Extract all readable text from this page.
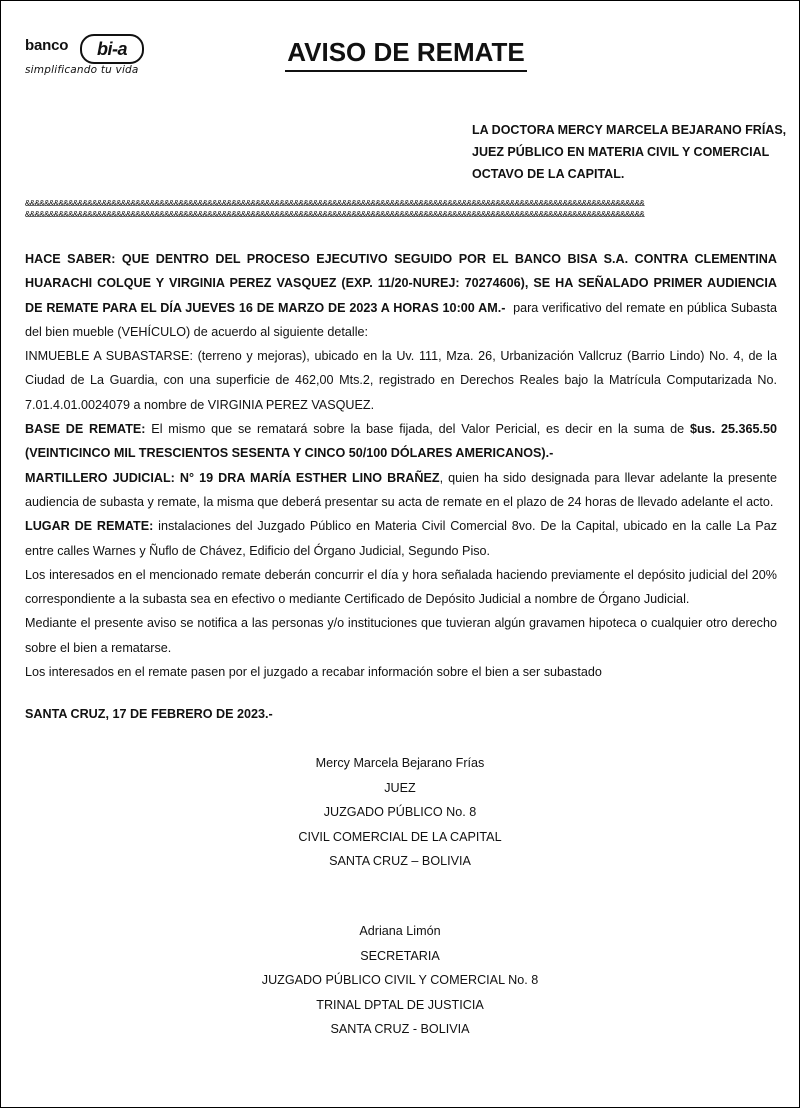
banco	bi‑a
simplificando tu vida
AVISO DE REMATE
LA DOCTORA MERCY MARCELA BEJARANO FRÍAS,
JUEZ PÚBLICO EN MATERIA CIVIL Y COMERCIAL
OCTAVO DE LA CAPITAL.
&&&&&&&&&&&&&&&&&&&&&&&&&&&&&&&&&&&&&&&&&&&&&&&&&&&&&&&&&&&&&&&&&&&&&&&&&&&&&&&&&&&&&&&&&&&&&&&&&&&&&&&&&&&&&&&&&&&&&&&&&&&&&&&&&
&&&&&&&&&&&&&&&&&&&&&&&&&&&&&&&&&&&&&&&&&&&&&&&&&&&&&&&&&&&&&&&&&&&&&&&&&&&&&&&&&&&&&&&&&&&&&&&&&&&&&&&&&&&&&&&&&&&&&&&&&&&&&&&&&

HACE SABER: QUE DENTRO DEL PROCESO EJECUTIVO SEGUIDO POR EL BANCO BISA S.A. CONTRA CLEMENTINA HUARACHI COLQUE Y VIRGINIA PEREZ VASQUEZ (EXP. 11/20-NUREJ: 70274606), SE HA SEÑALADO PRIMER AUDIENCIA DE REMATE PARA EL DÍA JUEVES 16 DE MARZO DE 2023 A HORAS 10:00 AM.- para verificativo del remate en pública Subasta del bien mueble (VEHÍCULO) de acuerdo al siguiente detalle:

INMUEBLE A SUBASTARSE: (terreno y mejoras), ubicado en la Uv. 111, Mza. 26, Urbanización Vallcruz (Barrio Lindo) No. 4, de la Ciudad de La Guardia, con una superficie de 462,00 Mts.2, registrado en Derechos Reales bajo la Matrícula Computarizada No. 7.01.4.01.0024079 a nombre de VIRGINIA PEREZ VASQUEZ.

BASE DE REMATE: El mismo que se rematará sobre la base fijada, del Valor Pericial, es decir en la suma de $us. 25.365.50 (VEINTICINCO MIL TRESCIENTOS SESENTA Y CINCO 50/100 DÓLARES AMERICANOS).-

MARTILLERO JUDICIAL: N° 19 DRA MARÍA ESTHER LINO BRAÑEZ, quien ha sido designada para llevar adelante la presente audiencia de subasta y remate, la misma que deberá presentar su acta de remate en el plazo de 24 horas de llevado adelante el acto.

LUGAR DE REMATE: instalaciones del Juzgado Público en Materia Civil Comercial 8vo. De la Capital, ubicado en la calle La Paz entre calles Warnes y Ñuflo de Chávez, Edificio del Órgano Judicial, Segundo Piso.

Los interesados en el mencionado remate deberán concurrir el día y hora señalada haciendo previamente el depósito judicial del 20% correspondiente a la subasta sea en efectivo o mediante Certificado de Depósito Judicial a nombre de Órgano Judicial.

Mediante el presente aviso se notifica a las personas y/o instituciones que tuvieran algún gravamen hipoteca o cualquier otro derecho sobre el bien a rematarse.

Los interesados en el remate pasen por el juzgado a recabar información sobre el bien a ser subastado

SANTA CRUZ, 17 DE FEBRERO DE 2023.-
Mercy Marcela Bejarano Frías
JUEZ
JUZGADO PÚBLICO No. 8
CIVIL COMERCIAL DE LA CAPITAL
SANTA CRUZ – BOLIVIA
Adriana Limón
SECRETARIA
JUZGADO PÚBLICO CIVIL Y COMERCIAL No. 8
TRINAL DPTAL DE JUSTICIA
SANTA CRUZ - BOLIVIA
